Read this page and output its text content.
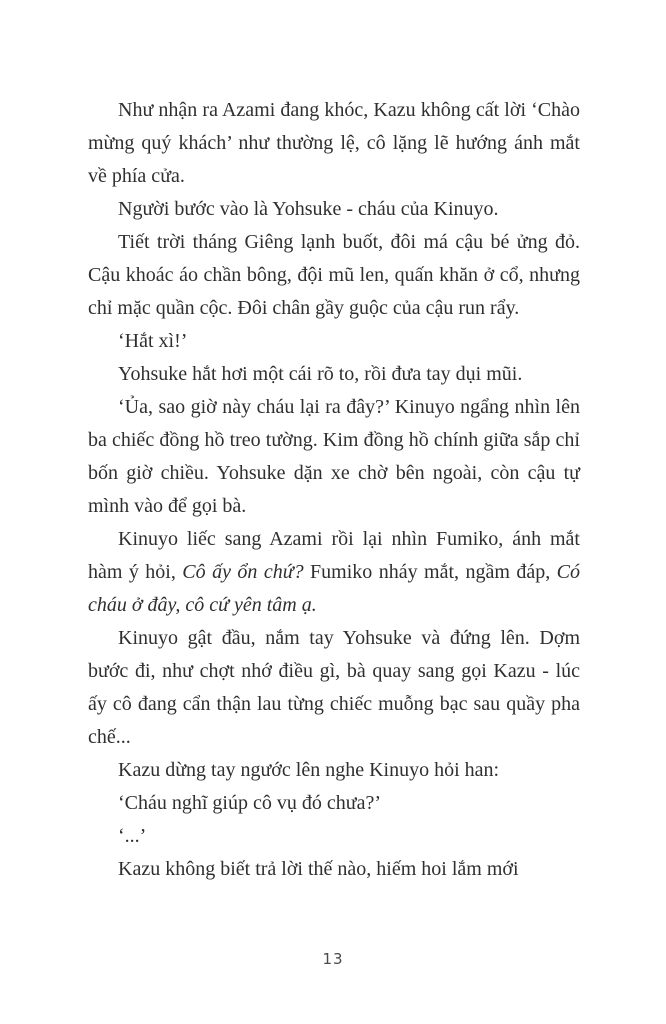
Như nhận ra Azami đang khóc, Kazu không cất lời ‘Chào mừng quý khách’ như thường lệ, cô lặng lẽ hướng ánh mắt về phía cửa.

Người bước vào là Yohsuke - cháu của Kinuyo.

Tiết trời tháng Giêng lạnh buốt, đôi má cậu bé ửng đỏ. Cậu khoác áo chần bông, đội mũ len, quấn khăn ở cổ, nhưng chỉ mặc quần cộc. Đôi chân gầy guộc của cậu run rẩy.

‘Hắt xì!’

Yohsuke hắt hơi một cái rõ to, rồi đưa tay dụi mũi.

‘Ủa, sao giờ này cháu lại ra đây?’ Kinuyo ngẩng nhìn lên ba chiếc đồng hồ treo tường. Kim đồng hồ chính giữa sắp chỉ bốn giờ chiều. Yohsuke dặn xe chờ bên ngoài, còn cậu tự mình vào để gọi bà.

Kinuyo liếc sang Azami rồi lại nhìn Fumiko, ánh mắt hàm ý hỏi, Cô ấy ổn chứ? Fumiko nháy mắt, ngầm đáp, Có cháu ở đây, cô cứ yên tâm ạ.

Kinuyo gật đầu, nắm tay Yohsuke và đứng lên. Dợm bước đi, như chợt nhớ điều gì, bà quay sang gọi Kazu - lúc ấy cô đang cẩn thận lau từng chiếc muỗng bạc sau quầy pha chế...

Kazu dừng tay ngước lên nghe Kinuyo hỏi han:

‘Cháu nghĩ giúp cô vụ đó chưa?’

‘...’

Kazu không biết trả lời thế nào, hiếm hoi lắm mới

13
